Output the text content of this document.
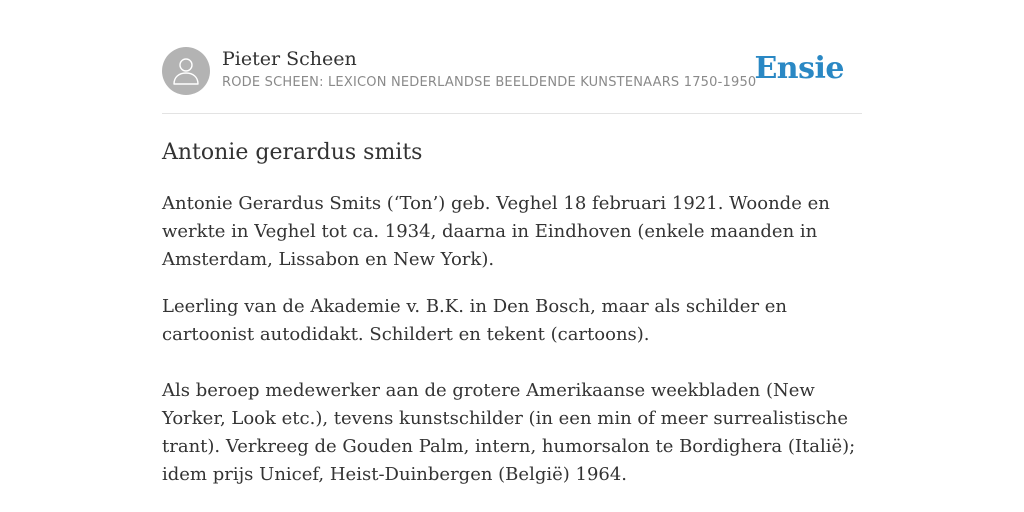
Pieter Scheen
RODE SCHEEN: LEXICON NEDERLANDSE BEELDENDE KUNSTENAARS 1750-1950
Ensie
Antonie gerardus smits

Antonie Gerardus Smits (‘Ton’) geb. Veghel 18 februari 1921. Woonde en werkte in Veghel tot ca. 1934, daarna in Eindhoven (enkele maanden in Amsterdam, Lissabon en New York).

Leerling van de Akademie v. B.K. in Den Bosch, maar als schilder en cartoonist autodidakt. Schildert en tekent (cartoons).

Als beroep medewerker aan de grotere Amerikaanse weekbladen (New Yorker, Look etc.), tevens kunstschilder (in een min of meer surrealistische trant). Verkreeg de Gouden Palm, intern, humorsalon te Bordighera (Italië); idem prijs Unicef, Heist-Duinbergen (België) 1964.
